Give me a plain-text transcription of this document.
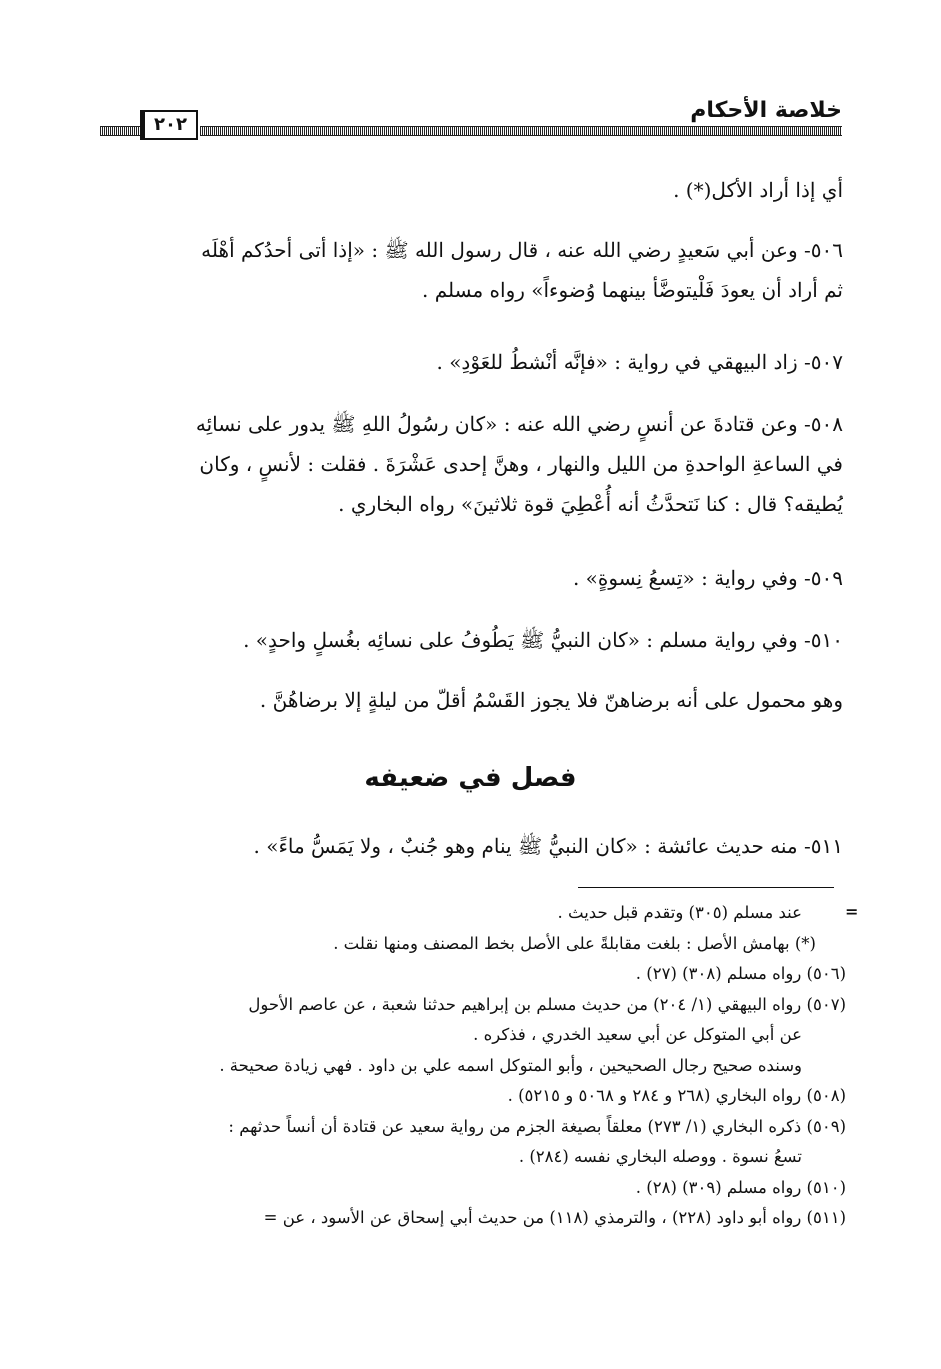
خلاصة الأحكام
٢٠٢

أي إذا أراد الأكل(*) .

٥٠٦- وعن أبي سَعيدٍ رضي الله عنه ، قال رسول الله ﷺ : «إذا أتى أحدُكم أهْلَه

ثم أراد أن يعودَ فَلْيتوضَّأ بينهما وُضوءاً» رواه مسلم .

٥٠٧- زاد البيهقي في رواية : «فإنَّه أنْشطُ للعَوْدِ» .

٥٠٨- وعن قتادةَ عن أنسٍ رضي الله عنه : «كان رسُولُ اللهِ ﷺ يدور على نسائِه

في الساعةِ الواحدةِ من الليل والنهار ، وهنَّ إحدى عَشْرَةَ . فقلت : لأنسٍ ، وكان

يُطيقه؟ قال : كنا نَتحدَّثُ أنه أُعْطِيَ قوة ثلاثينَ» رواه البخاري .

٥٠٩- وفي رواية : «تِسعُ نِسوةٍ» .

٥١٠- وفي رواية مسلم : «كان النبيُّ ﷺ يَطُوفُ على نسائِه بغُسلٍ واحدٍ» .

وهو محمول على أنه برضاهنّ فلا يجوز القَسْمُ أقلّ من ليلةٍ إلا برضاهُنَّ .

فصل في ضعيفه

٥١١- منه حديث عائشة : «كان النبيُّ ﷺ ينام وهو جُنبٌ ، ولا يَمَسُّ ماءً» .

=
عند مسلم (٣٠٥) وتقدم قبل حديث .
(*) بهامش الأصل : بلغت مقابلةً على الأصل بخط المصنف ومنها نقلت .
(٥٠٦) رواه مسلم (٣٠٨) (٢٧) .
(٥٠٧) رواه البيهقي (١/ ٢٠٤) من حديث مسلم بن إبراهيم حدثنا شعبة ، عن عاصم الأحول
عن أبي المتوكل عن أبي سعيد الخدري ، فذكره .
وسنده صحيح رجال الصحيحين ، وأبو المتوكل اسمه علي بن داود . فهي زيادة صحيحة .
(٥٠٨) رواه البخاري (٢٦٨ و ٢٨٤ و ٥٠٦٨ و ٥٢١٥) .
(٥٠٩) ذكره البخاري (١/ ٢٧٣) معلقاً بصيغة الجزم من رواية سعيد عن قتادة أن أنساً حدثهم :
تسعُ نسوة . ووصله البخاري نفسه (٢٨٤) .
(٥١٠) رواه مسلم (٣٠٩) (٢٨) .
(٥١١) رواه أبو داود (٢٢٨) ، والترمذي (١١٨) من حديث أبي إسحاق عن الأسود ، عن =
